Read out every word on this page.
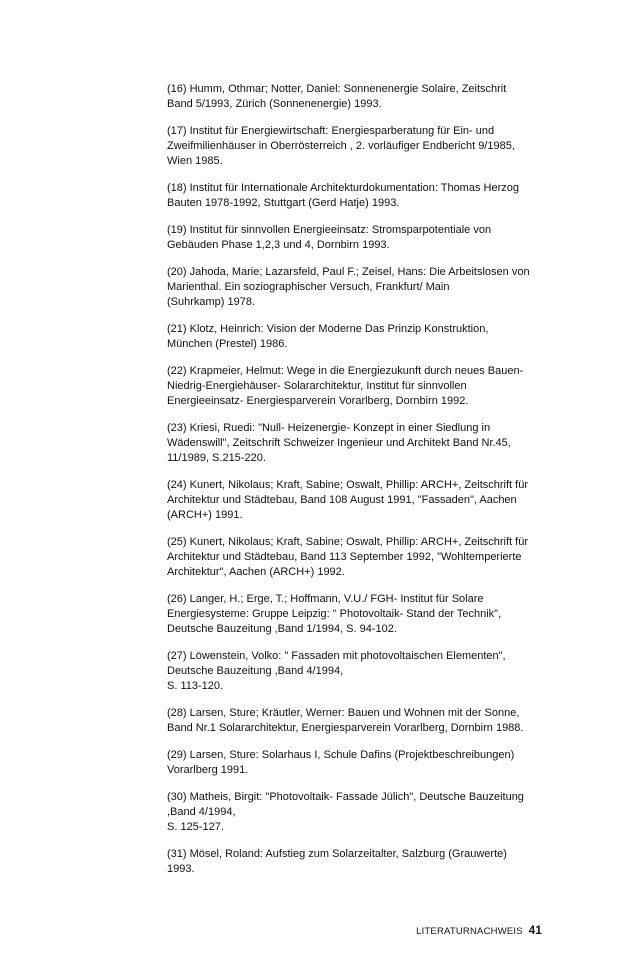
(16) Humm, Othmar; Notter, Daniel: Sonnenenergie Solaire, Zeitschrit
Band 5/1993, Zürich (Sonnenenergie) 1993.

(17) Institut für Energiewirtschaft: Energiesparberatung für Ein- und
Zweifmilienhäuser in Oberrösterreich , 2. vorläufiger Endbericht 9/1985,
Wien 1985.

(18) Institut für Internationale Architekturdokumentation: Thomas Herzog
Bauten 1978-1992, Stuttgart (Gerd Hatje) 1993.

(19) Institut für sinnvollen Energieeinsatz: Stromsparpotentiale von
Gebäuden Phase 1,2,3 und 4, Dornbirn 1993.

(20) Jahoda, Marie; Lazarsfeld, Paul F.; Zeisel, Hans: Die Arbeitslosen von
Marienthal. Ein soziographischer Versuch, Frankfurt/ Main
(Suhrkamp) 1978.

(21) Klotz, Heinrich: Vision der Moderne Das Prinzip Konstruktion,
München (Prestel) 1986.

(22) Krapmeier, Helmut: Wege in die Energiezukunft durch neues Bauen-
Niedrig-Energiehäuser- Solararchitektur, Institut für sinnvollen
Energieeinsatz- Energiesparverein Vorarlberg, Dornbirn 1992.

(23) Kriesi, Ruedi: "Null- Heizenergie- Konzept in einer Siedlung in
Wädenswill", Zeitschrift Schweizer Ingenieur und Architekt Band Nr.45,
11/1989, S.215-220.

(24) Kunert, Nikolaus; Kraft, Sabine; Oswalt, Phillip: ARCH+, Zeitschrift für
Architektur und Städtebau, Band 108 August 1991, "Fassaden", Aachen
(ARCH+) 1991.

(25) Kunert, Nikolaus; Kraft, Sabine; Oswalt, Phillip: ARCH+, Zeitschrift für
Architektur und Städtebau, Band 113 September 1992, "Wohltemperierte
Architektur", Aachen (ARCH+) 1992.

(26) Langer, H.; Erge, T.; Hoffmann, V.U./ FGH- Institut für Solare
Energiesysteme: Gruppe Leipzig: " Photovoltaik- Stand der Technik",
Deutsche Bauzeitung ,Band 1/1994, S. 94-102.

(27) Löwenstein, Volko: " Fassaden mit photovoltaischen Elementen",
Deutsche Bauzeitung ,Band 4/1994,
S. 113-120.

(28) Larsen, Sture; Kräutler, Werner: Bauen und Wohnen mit der Sonne,
Band Nr.1 Solararchitektur, Energiesparverein Vorarlberg, Dornbirn 1988.

(29) Larsen, Sture: Solarhaus I, Schule Dafins (Projektbeschreibungen)
Vorarlberg 1991.

(30) Matheis, Birgit: "Photovoltaik- Fassade Jülich", Deutsche Bauzeitung
,Band 4/1994,
S. 125-127.

(31) Mösel, Roland: Aufstieg zum Solarzeitalter, Salzburg (Grauwerte)
1993.

LITERATURNACHWEIS 41
